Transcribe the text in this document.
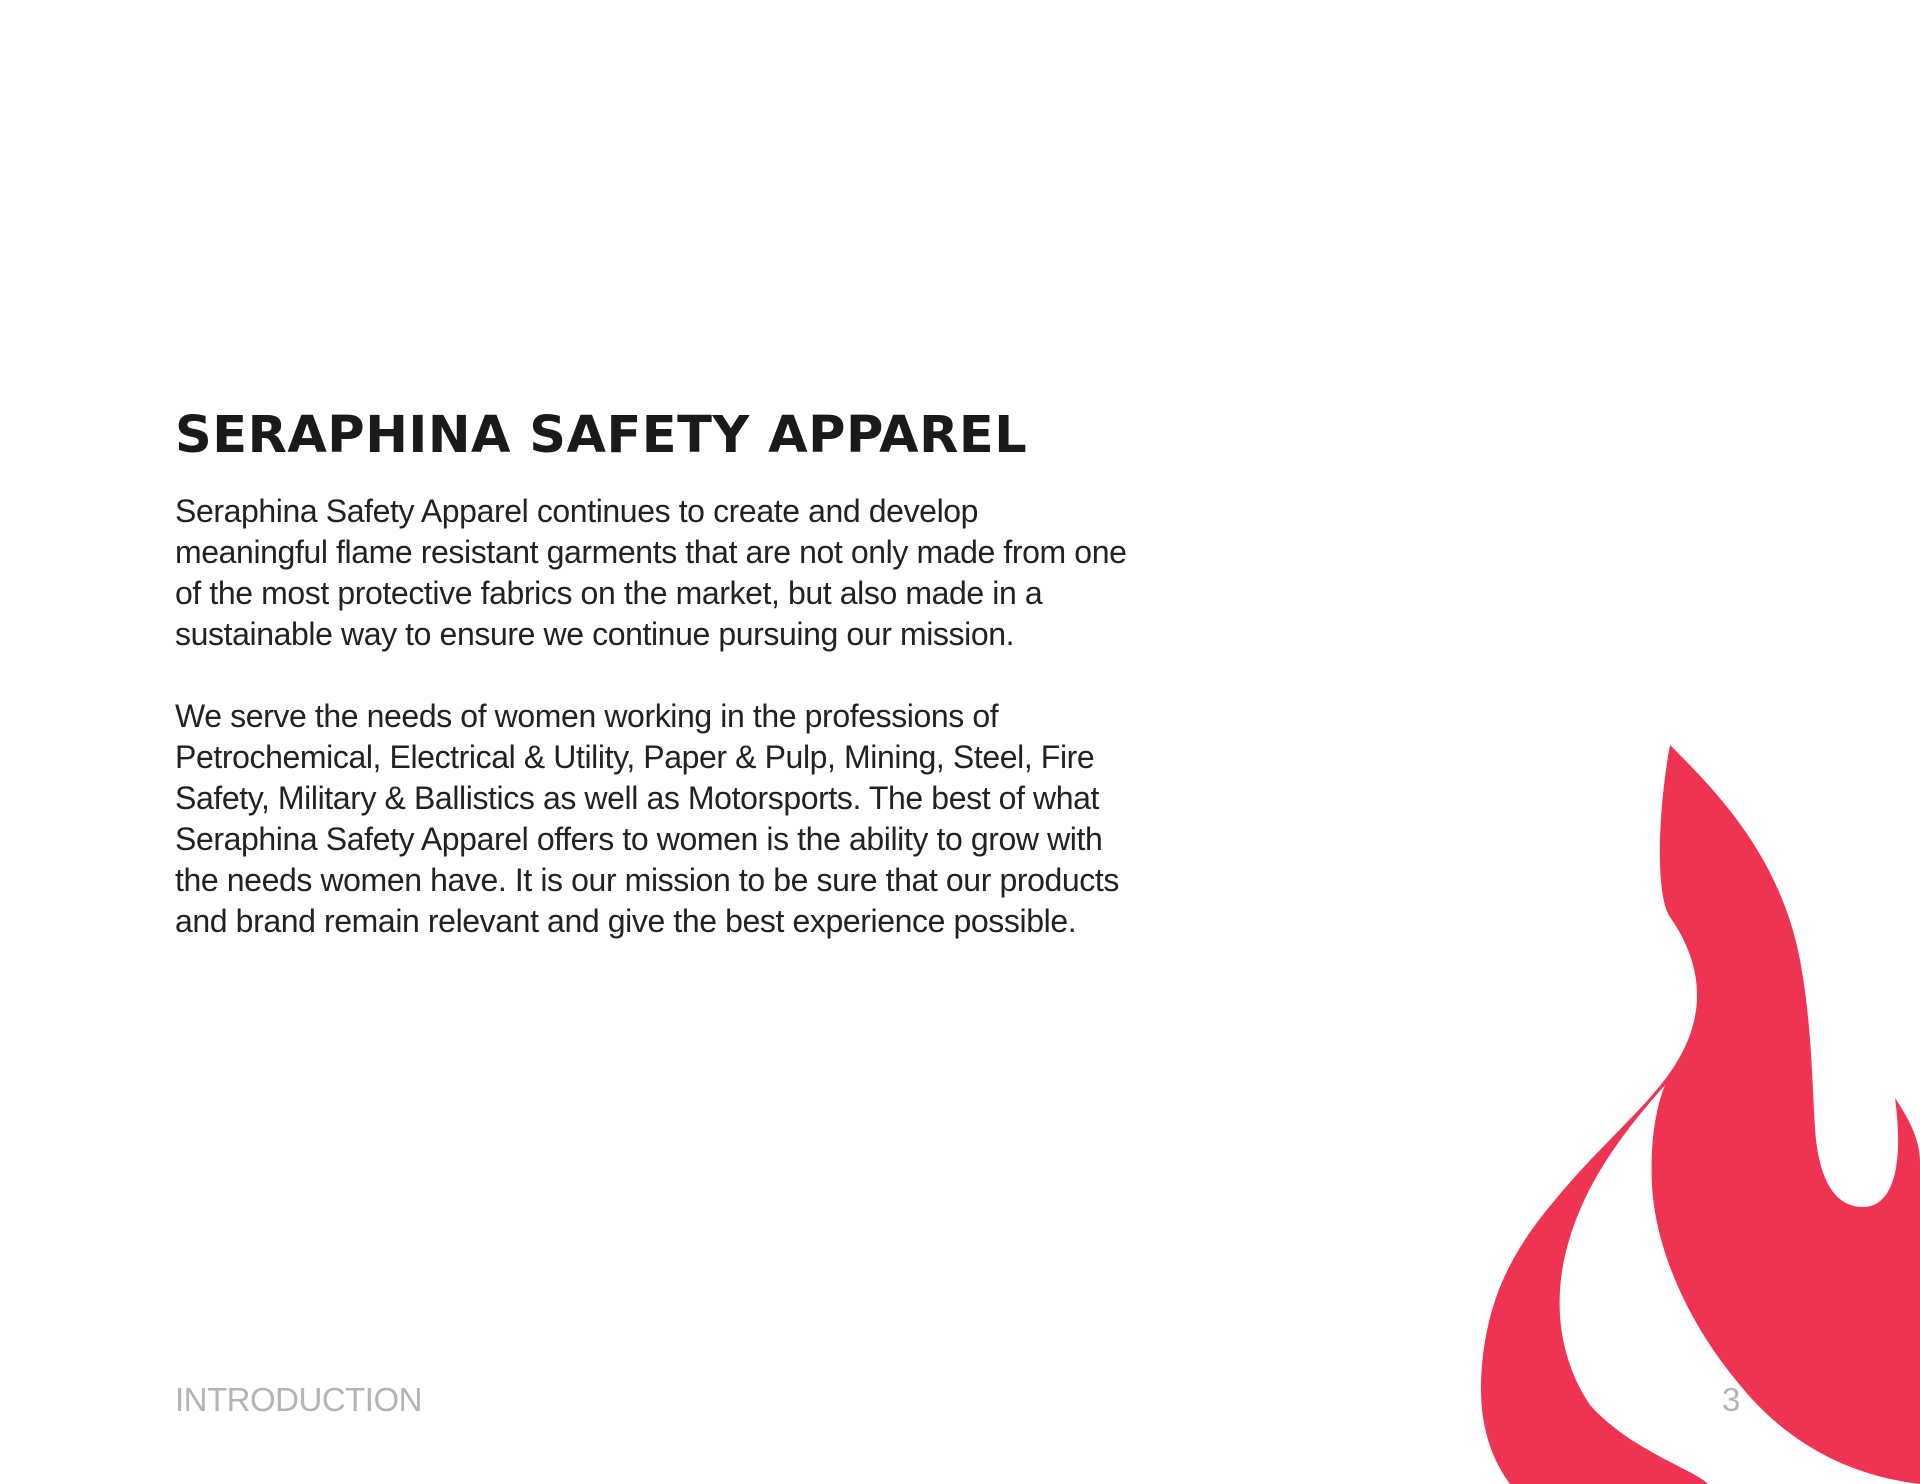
SERAPHINA SAFETY APPAREL

Seraphina Safety Apparel continues to create and develop meaningful flame resistant garments that are not only made from one of the most protective fabrics on the market, but also made in a sustainable way to ensure we continue pursuing our mission.

We serve the needs of women working in the professions of Petrochemical, Electrical & Utility, Paper & Pulp, Mining, Steel, Fire Safety, Military & Ballistics as well as Motorsports. The best of what Seraphina Safety Apparel offers to women is the ability to grow with the needs women have. It is our mission to be sure that our products and brand remain relevant and give the best experience possible.

INTRODUCTION	3
